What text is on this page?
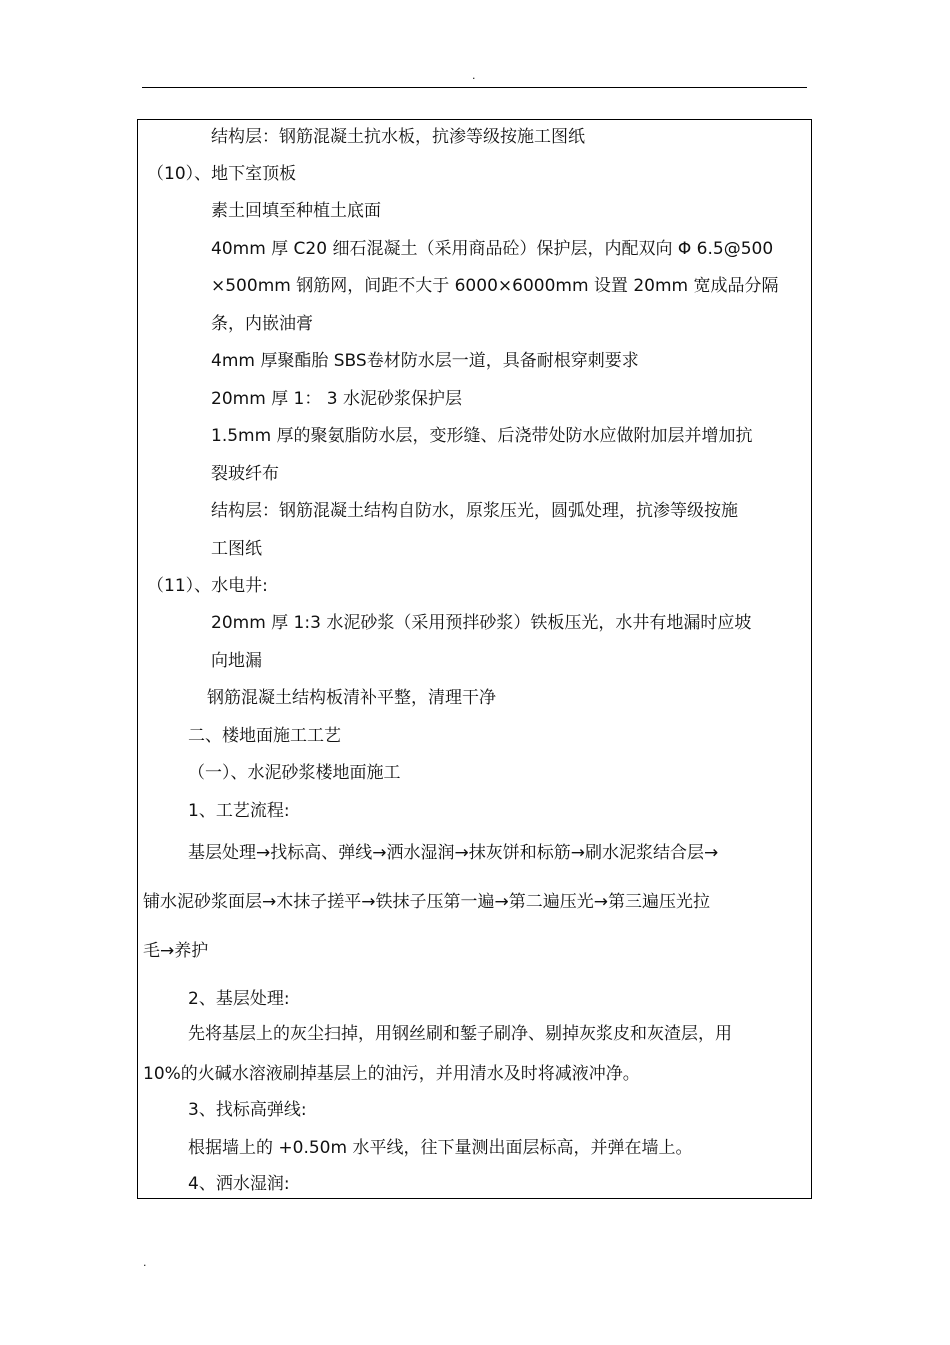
.
结构层：钢筋混凝土抗水板，抗渗等级按施工图纸
（10）、地下室顶板
素土回填至种植土底面
40mm 厚 C20 细石混凝土（采用商品砼）保护层，内配双向 Φ 6.5@500
×500mm 钢筋网，间距不大于 6000×6000mm 设置 20mm 宽成品分隔
条，内嵌油膏
4mm 厚聚酯胎 SBS卷材防水层一道，具备耐根穿刺要求
20mm 厚 1： 3 水泥砂浆保护层
1.5mm 厚的聚氨脂防水层，变形缝、后浇带处防水应做附加层并增加抗
裂玻纤布
结构层：钢筋混凝土结构自防水，原浆压光，圆弧处理，抗渗等级按施
工图纸
（11）、水电井:
20mm 厚 1:3 水泥砂浆（采用预拌砂浆）铁板压光，水井有地漏时应坡
向地漏
钢筋混凝土结构板清补平整，清理干净
二、楼地面施工工艺
（一）、水泥砂浆楼地面施工
1、工艺流程:
基层处理→找标高、弹线→洒水湿润→抹灰饼和标筋→刷水泥浆结合层→
铺水泥砂浆面层→木抹子搓平→铁抹子压第一遍→第二遍压光→第三遍压光拉
毛→养护
2、基层处理:
先将基层上的灰尘扫掉，用钢丝刷和錾子刷净、剔掉灰浆皮和灰渣层，用
10%的火碱水溶液刷掉基层上的油污，并用清水及时将减液冲净。
3、找标高弹线:
根据墙上的 +0.50m 水平线，往下量测出面层标高，并弹在墙上。
4、洒水湿润:
.
